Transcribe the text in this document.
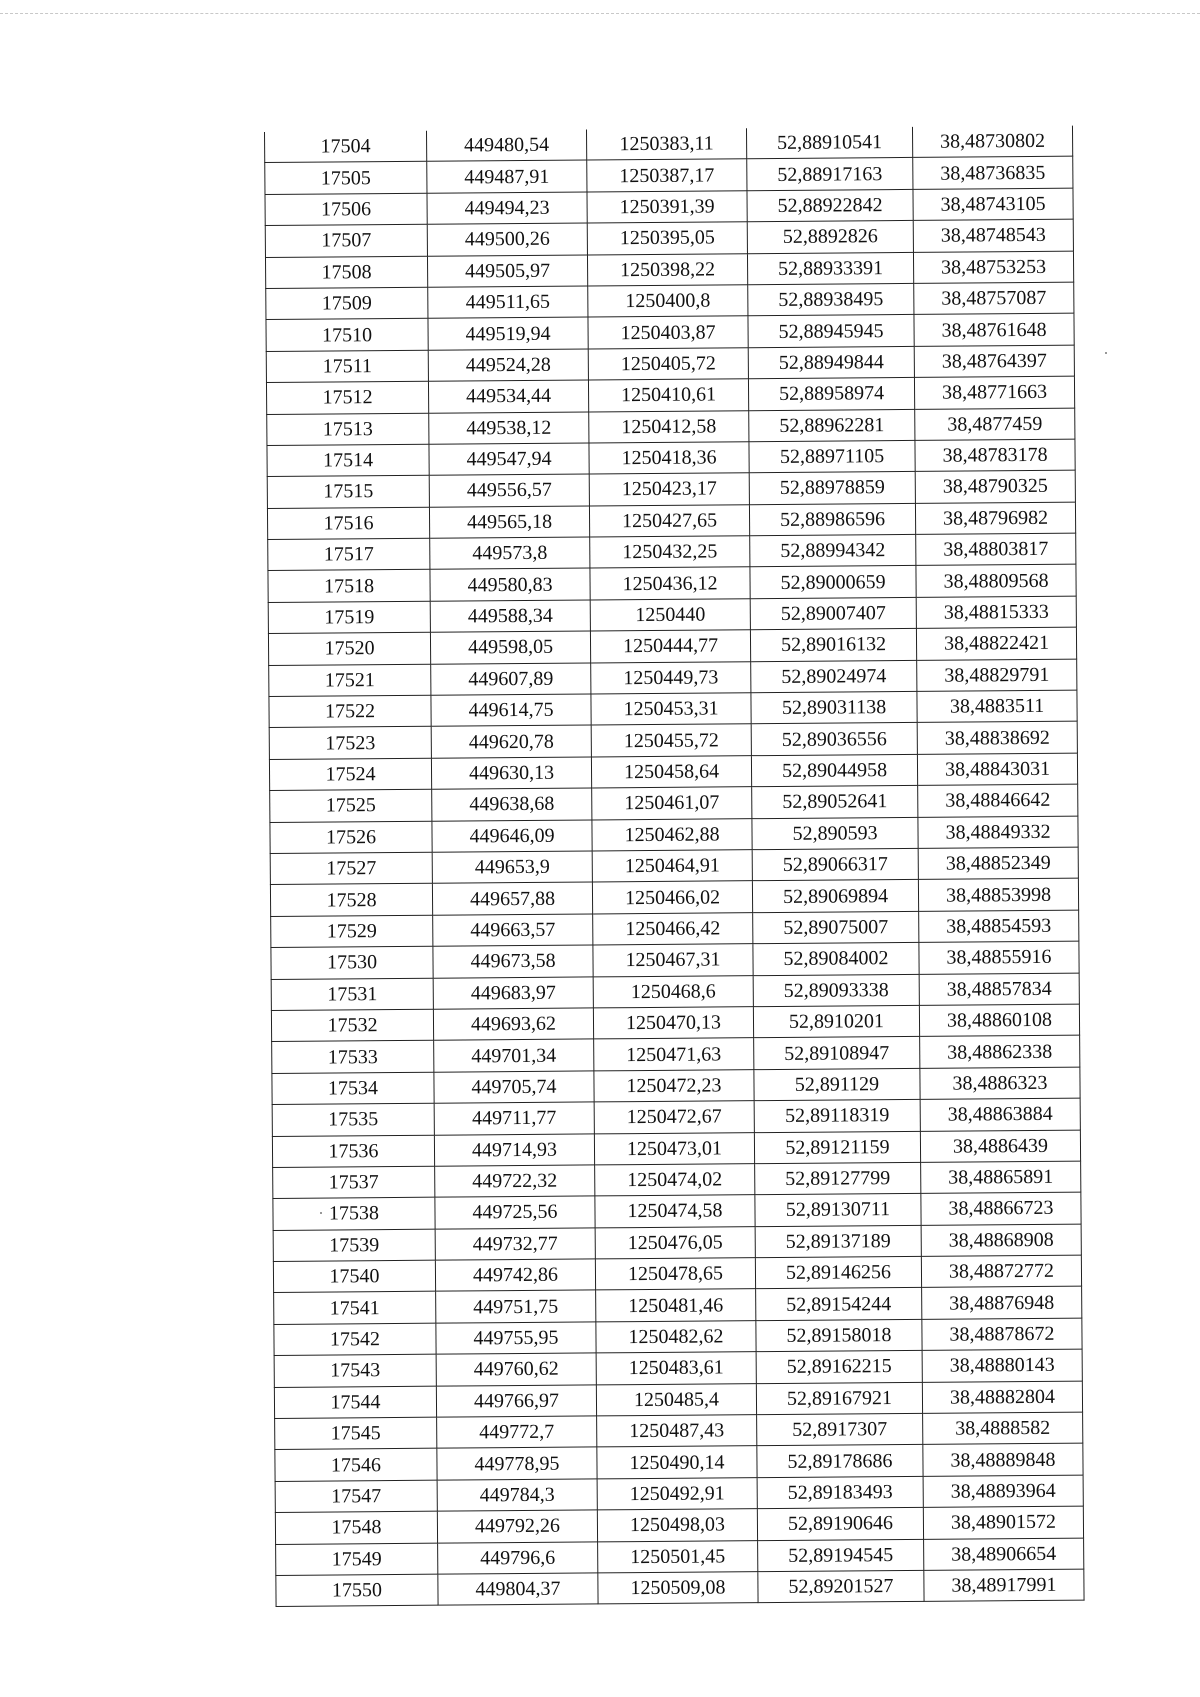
17504	449480,54	1250383,11	52,88910541	38,48730802
17505	449487,91	1250387,17	52,88917163	38,48736835
17506	449494,23	1250391,39	52,88922842	38,48743105
17507	449500,26	1250395,05	52,8892826	38,48748543
17508	449505,97	1250398,22	52,88933391	38,48753253
17509	449511,65	1250400,8	52,88938495	38,48757087
17510	449519,94	1250403,87	52,88945945	38,48761648
17511	449524,28	1250405,72	52,88949844	38,48764397
17512	449534,44	1250410,61	52,88958974	38,48771663
17513	449538,12	1250412,58	52,88962281	38,4877459
17514	449547,94	1250418,36	52,88971105	38,48783178
17515	449556,57	1250423,17	52,88978859	38,48790325
17516	449565,18	1250427,65	52,88986596	38,48796982
17517	449573,8	1250432,25	52,88994342	38,48803817
17518	449580,83	1250436,12	52,89000659	38,48809568
17519	449588,34	1250440	52,89007407	38,48815333
17520	449598,05	1250444,77	52,89016132	38,48822421
17521	449607,89	1250449,73	52,89024974	38,48829791
17522	449614,75	1250453,31	52,89031138	38,4883511
17523	449620,78	1250455,72	52,89036556	38,48838692
17524	449630,13	1250458,64	52,89044958	38,48843031
17525	449638,68	1250461,07	52,89052641	38,48846642
17526	449646,09	1250462,88	52,890593	38,48849332
17527	449653,9	1250464,91	52,89066317	38,48852349
17528	449657,88	1250466,02	52,89069894	38,48853998
17529	449663,57	1250466,42	52,89075007	38,48854593
17530	449673,58	1250467,31	52,89084002	38,48855916
17531	449683,97	1250468,6	52,89093338	38,48857834
17532	449693,62	1250470,13	52,8910201	38,48860108
17533	449701,34	1250471,63	52,89108947	38,48862338
17534	449705,74	1250472,23	52,891129	38,4886323
17535	449711,77	1250472,67	52,89118319	38,48863884
17536	449714,93	1250473,01	52,89121159	38,4886439
17537	449722,32	1250474,02	52,89127799	38,48865891
17538	449725,56	1250474,58	52,89130711	38,48866723
17539	449732,77	1250476,05	52,89137189	38,48868908
17540	449742,86	1250478,65	52,89146256	38,48872772
17541	449751,75	1250481,46	52,89154244	38,48876948
17542	449755,95	1250482,62	52,89158018	38,48878672
17543	449760,62	1250483,61	52,89162215	38,48880143
17544	449766,97	1250485,4	52,89167921	38,48882804
17545	449772,7	1250487,43	52,8917307	38,4888582
17546	449778,95	1250490,14	52,89178686	38,48889848
17547	449784,3	1250492,91	52,89183493	38,48893964
17548	449792,26	1250498,03	52,89190646	38,48901572
17549	449796,6	1250501,45	52,89194545	38,48906654
17550	449804,37	1250509,08	52,89201527	38,48917991
